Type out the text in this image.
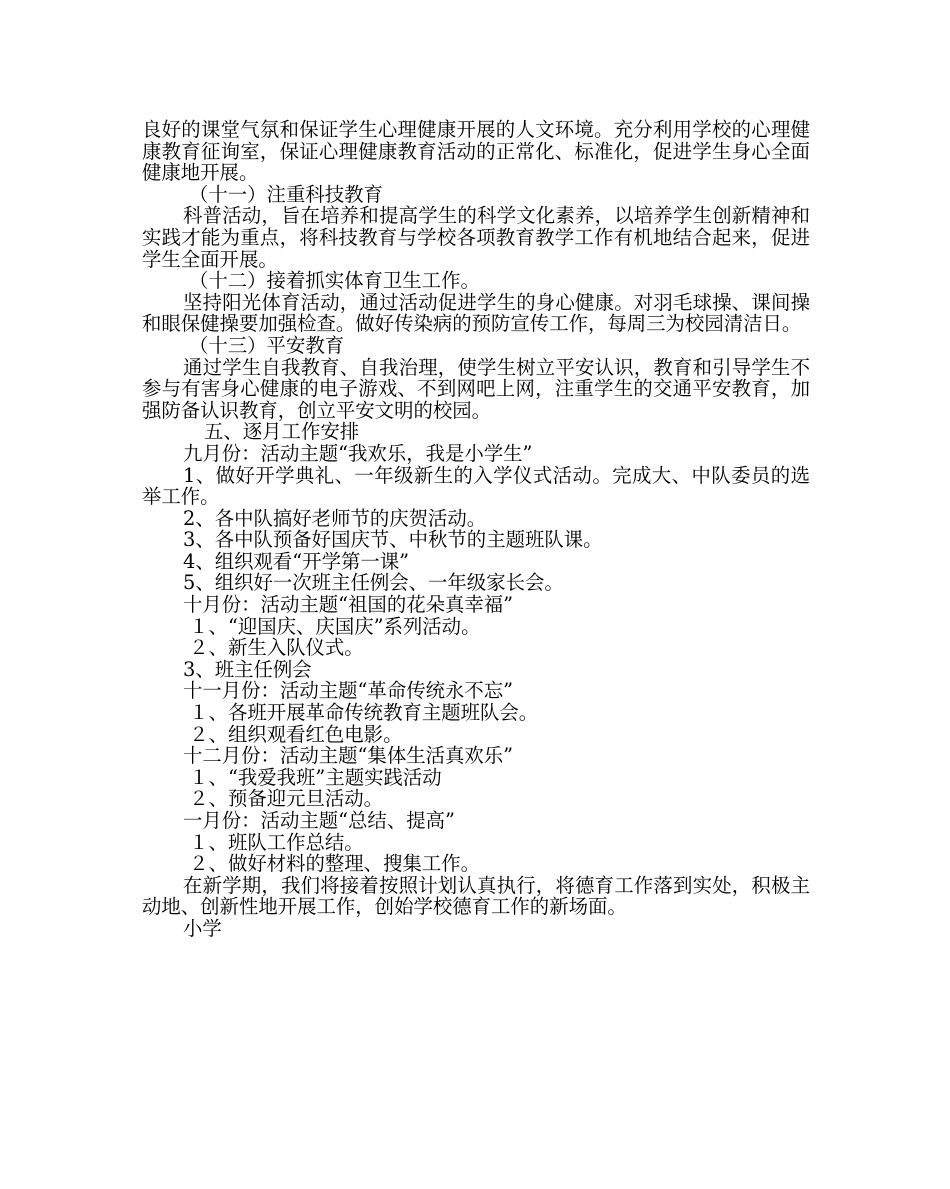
良好的课堂气氛和保证学生心理健康开展的人文环境。充分利用学校的心理健康教育征询室，保证心理健康教育活动的正常化、标准化，促进学生身心全面健康地开展。

（十一）注重科技教育

科普活动，旨在培养和提高学生的科学文化素养，以培养学生创新精神和实践才能为重点，将科技教育与学校各项教育教学工作有机地结合起来，促进学生全面开展。

（十二）接着抓实体育卫生工作。

坚持阳光体育活动，通过活动促进学生的身心健康。对羽毛球操、课间操和眼保健操要加强检查。做好传染病的预防宣传工作，每周三为校园清洁日。

（十三）平安教育

通过学生自我教育、自我治理，使学生树立平安认识，教育和引导学生不参与有害身心健康的电子游戏、不到网吧上网，注重学生的交通平安教育，加强防备认识教育，创立平安文明的校园。

五、逐月工作安排

九月份：活动主题“我欢乐，我是小学生”

1、做好开学典礼、一年级新生的入学仪式活动。完成大、中队委员的选举工作。

2、各中队搞好老师节的庆贺活动。

3、各中队预备好国庆节、中秋节的主题班队课。

4、组织观看“开学第一课”

5、组织好一次班主任例会、一年级家长会。

十月份：活动主题“祖国的花朵真幸福”

１、“迎国庆、庆国庆”系列活动。

２、新生入队仪式。

3、班主任例会

十一月份：活动主题“革命传统永不忘”

１、各班开展革命传统教育主题班队会。

２、组织观看红色电影。

十二月份：活动主题“集体生活真欢乐”

１、“我爱我班”主题实践活动

２、预备迎元旦活动。

一月份：活动主题“总结、提高”

１、班队工作总结。

２、做好材料的整理、搜集工作。

在新学期，我们将接着按照计划认真执行，将德育工作落到实处，积极主动地、创新性地开展工作，创始学校德育工作的新场面。

小学
